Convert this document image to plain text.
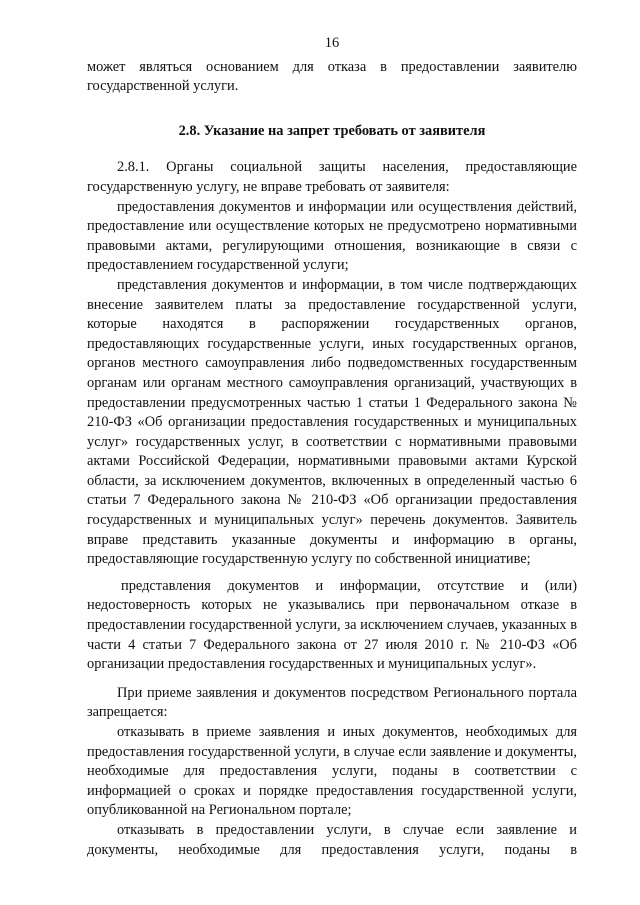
16

может являться основанием для отказа в предоставлении заявителю государственной услуги.

2.8. Указание на запрет требовать от заявителя

2.8.1. Органы социальной защиты населения, предоставляющие государственную услугу, не вправе требовать от заявителя:

предоставления документов и информации или осуществления действий, предоставление или осуществление которых не предусмотрено нормативными правовыми актами, регулирующими отношения, возникающие в связи с предоставлением государственной услуги;

представления документов и информации, в том числе подтверждающих внесение заявителем платы за предоставление государственной услуги, которые находятся в распоряжении государственных органов, предоставляющих государственные услуги, иных государственных органов, органов местного самоуправления либо подведомственных государственным органам или органам местного самоуправления организаций, участвующих в предоставлении предусмотренных частью 1 статьи 1 Федерального закона № 210-ФЗ «Об организации предоставления государственных и муниципальных услуг» государственных услуг, в соответствии с нормативными правовыми актами Российской Федерации, нормативными правовыми актами Курской области, за исключением документов, включенных в определенный частью 6 статьи 7 Федерального закона № 210-ФЗ «Об организации предоставления государственных и муниципальных услуг» перечень документов. Заявитель вправе представить указанные документы и информацию в органы, предоставляющие государственную услугу по собственной инициативе;

представления документов и информации, отсутствие и (или) недостоверность которых не указывались при первоначальном отказе в предоставлении государственной услуги, за исключением случаев, указанных в части 4 статьи 7 Федерального закона от 27 июля 2010 г. № 210-ФЗ «Об организации предоставления государственных и муниципальных услуг».

При приеме заявления и документов посредством Регионального портала запрещается:

отказывать в приеме заявления и иных документов, необходимых для предоставления государственной услуги, в случае если заявление и документы, необходимые для предоставления услуги, поданы в соответствии с информацией о сроках и порядке предоставления государственной услуги, опубликованной на Региональном портале;

отказывать в предоставлении услуги, в случае если заявление и документы, необходимые для предоставления услуги, поданы в
